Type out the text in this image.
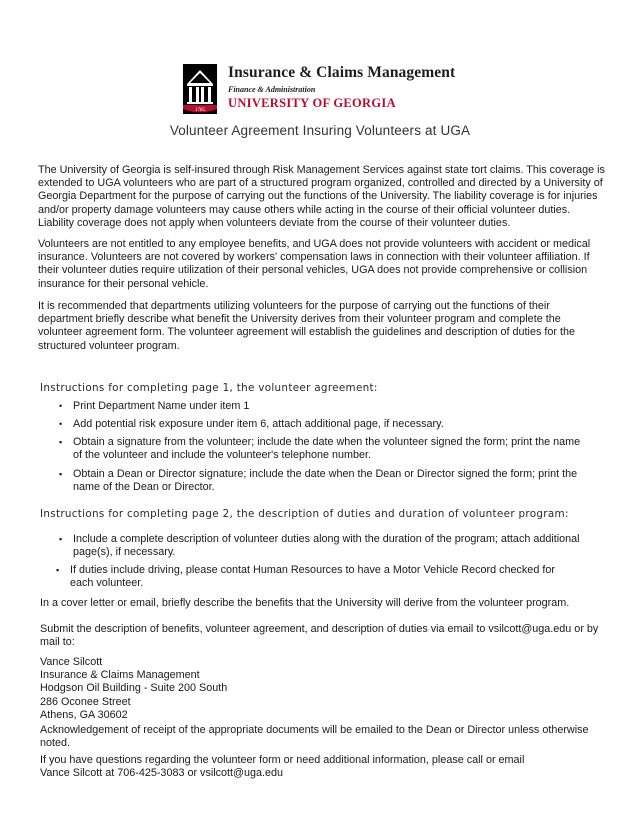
1785
Insurance & Claims Management
Finance & Administration
UNIVERSITY OF GEORGIA
Volunteer Agreement Insuring Volunteers at UGA

The University of Georgia is self-insured through Risk Management Services against state tort claims. This coverage is extended to UGA volunteers who are part of a structured program organized, controlled and directed by a University of Georgia Department for the purpose of carrying out the functions of the University. The liability coverage is for injuries and/or property damage volunteers may cause others while acting in the course of their official volunteer duties. Liability coverage does not apply when volunteers deviate from the course of their volunteer duties.

Volunteers are not entitled to any employee benefits, and UGA does not provide volunteers with accident or medical insurance. Volunteers are not covered by workers' compensation laws in connection with their volunteer affiliation. If their volunteer duties require utilization of their personal vehicles, UGA does not provide comprehensive or collision insurance for their personal vehicle.

It is recommended that departments utilizing volunteers for the purpose of carrying out the functions of their department briefly describe what benefit the University derives from their volunteer program and complete the volunteer agreement form. The volunteer agreement will establish the guidelines and description of duties for the structured volunteer program.

Instructions for completing page 1, the volunteer agreement:
• Print Department Name under item 1
• Add potential risk exposure under item 6, attach additional page, if necessary.
▪ Obtain a signature from the volunteer; include the date when the volunteer signed the form; print the name of the volunteer and include the volunteer's telephone number.
▪ Obtain a Dean or Director signature; include the date when the Dean or Director signed the form; print the name of the Dean or Director.
Instructions for completing page 2, the description of duties and duration of volunteer program:
▪ Include a complete description of volunteer duties along with the duration of the program; attach additional page(s), if necessary.
▪ If duties include driving, please contat Human Resources to have a Motor Vehicle Record checked for each volunteer.

In a cover letter or email, briefly describe the benefits that the University will derive from the volunteer program.

Submit the description of benefits, volunteer agreement, and description of duties via email to vsilcott@uga.edu or by mail to:

Vance Silcott
Insurance & Claims Management
Hodgson Oil Building - Suite 200 South
286 Oconee Street
Athens, GA 30602

Acknowledgement of receipt of the appropriate documents will be emailed to the Dean or Director unless otherwise noted.

If you have questions regarding the volunteer form or need additional information, please call or email
Vance Silcott at 706-425-3083 or vsilcott@uga.edu
